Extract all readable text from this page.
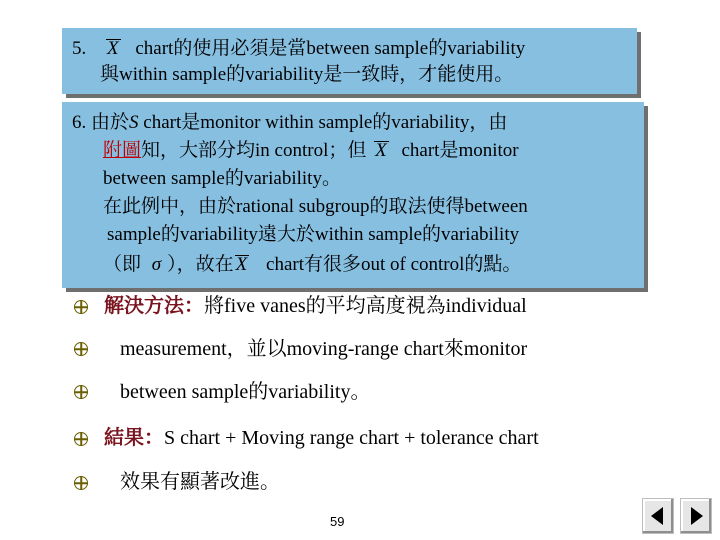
5. X chart的使用必須是當between sample的variability
與within sample的variability是一致時，才能使用。
6. 由於S chart是monitor within sample的variability，由
附圖知，大部分均in control；但 X chart是monitor
between sample的variability。
在此例中，由於rational subgroup的取法使得between
sample的variability遠大於within sample的variability
（即 σ ），故在 X chart有很多out of control的點。
解決方法：將five vanes的平均高度視為individual
measurement，並以moving-range chart來monitor
between sample的variability。
結果：S chart + Moving range chart + tolerance chart
效果有顯著改進。
59
